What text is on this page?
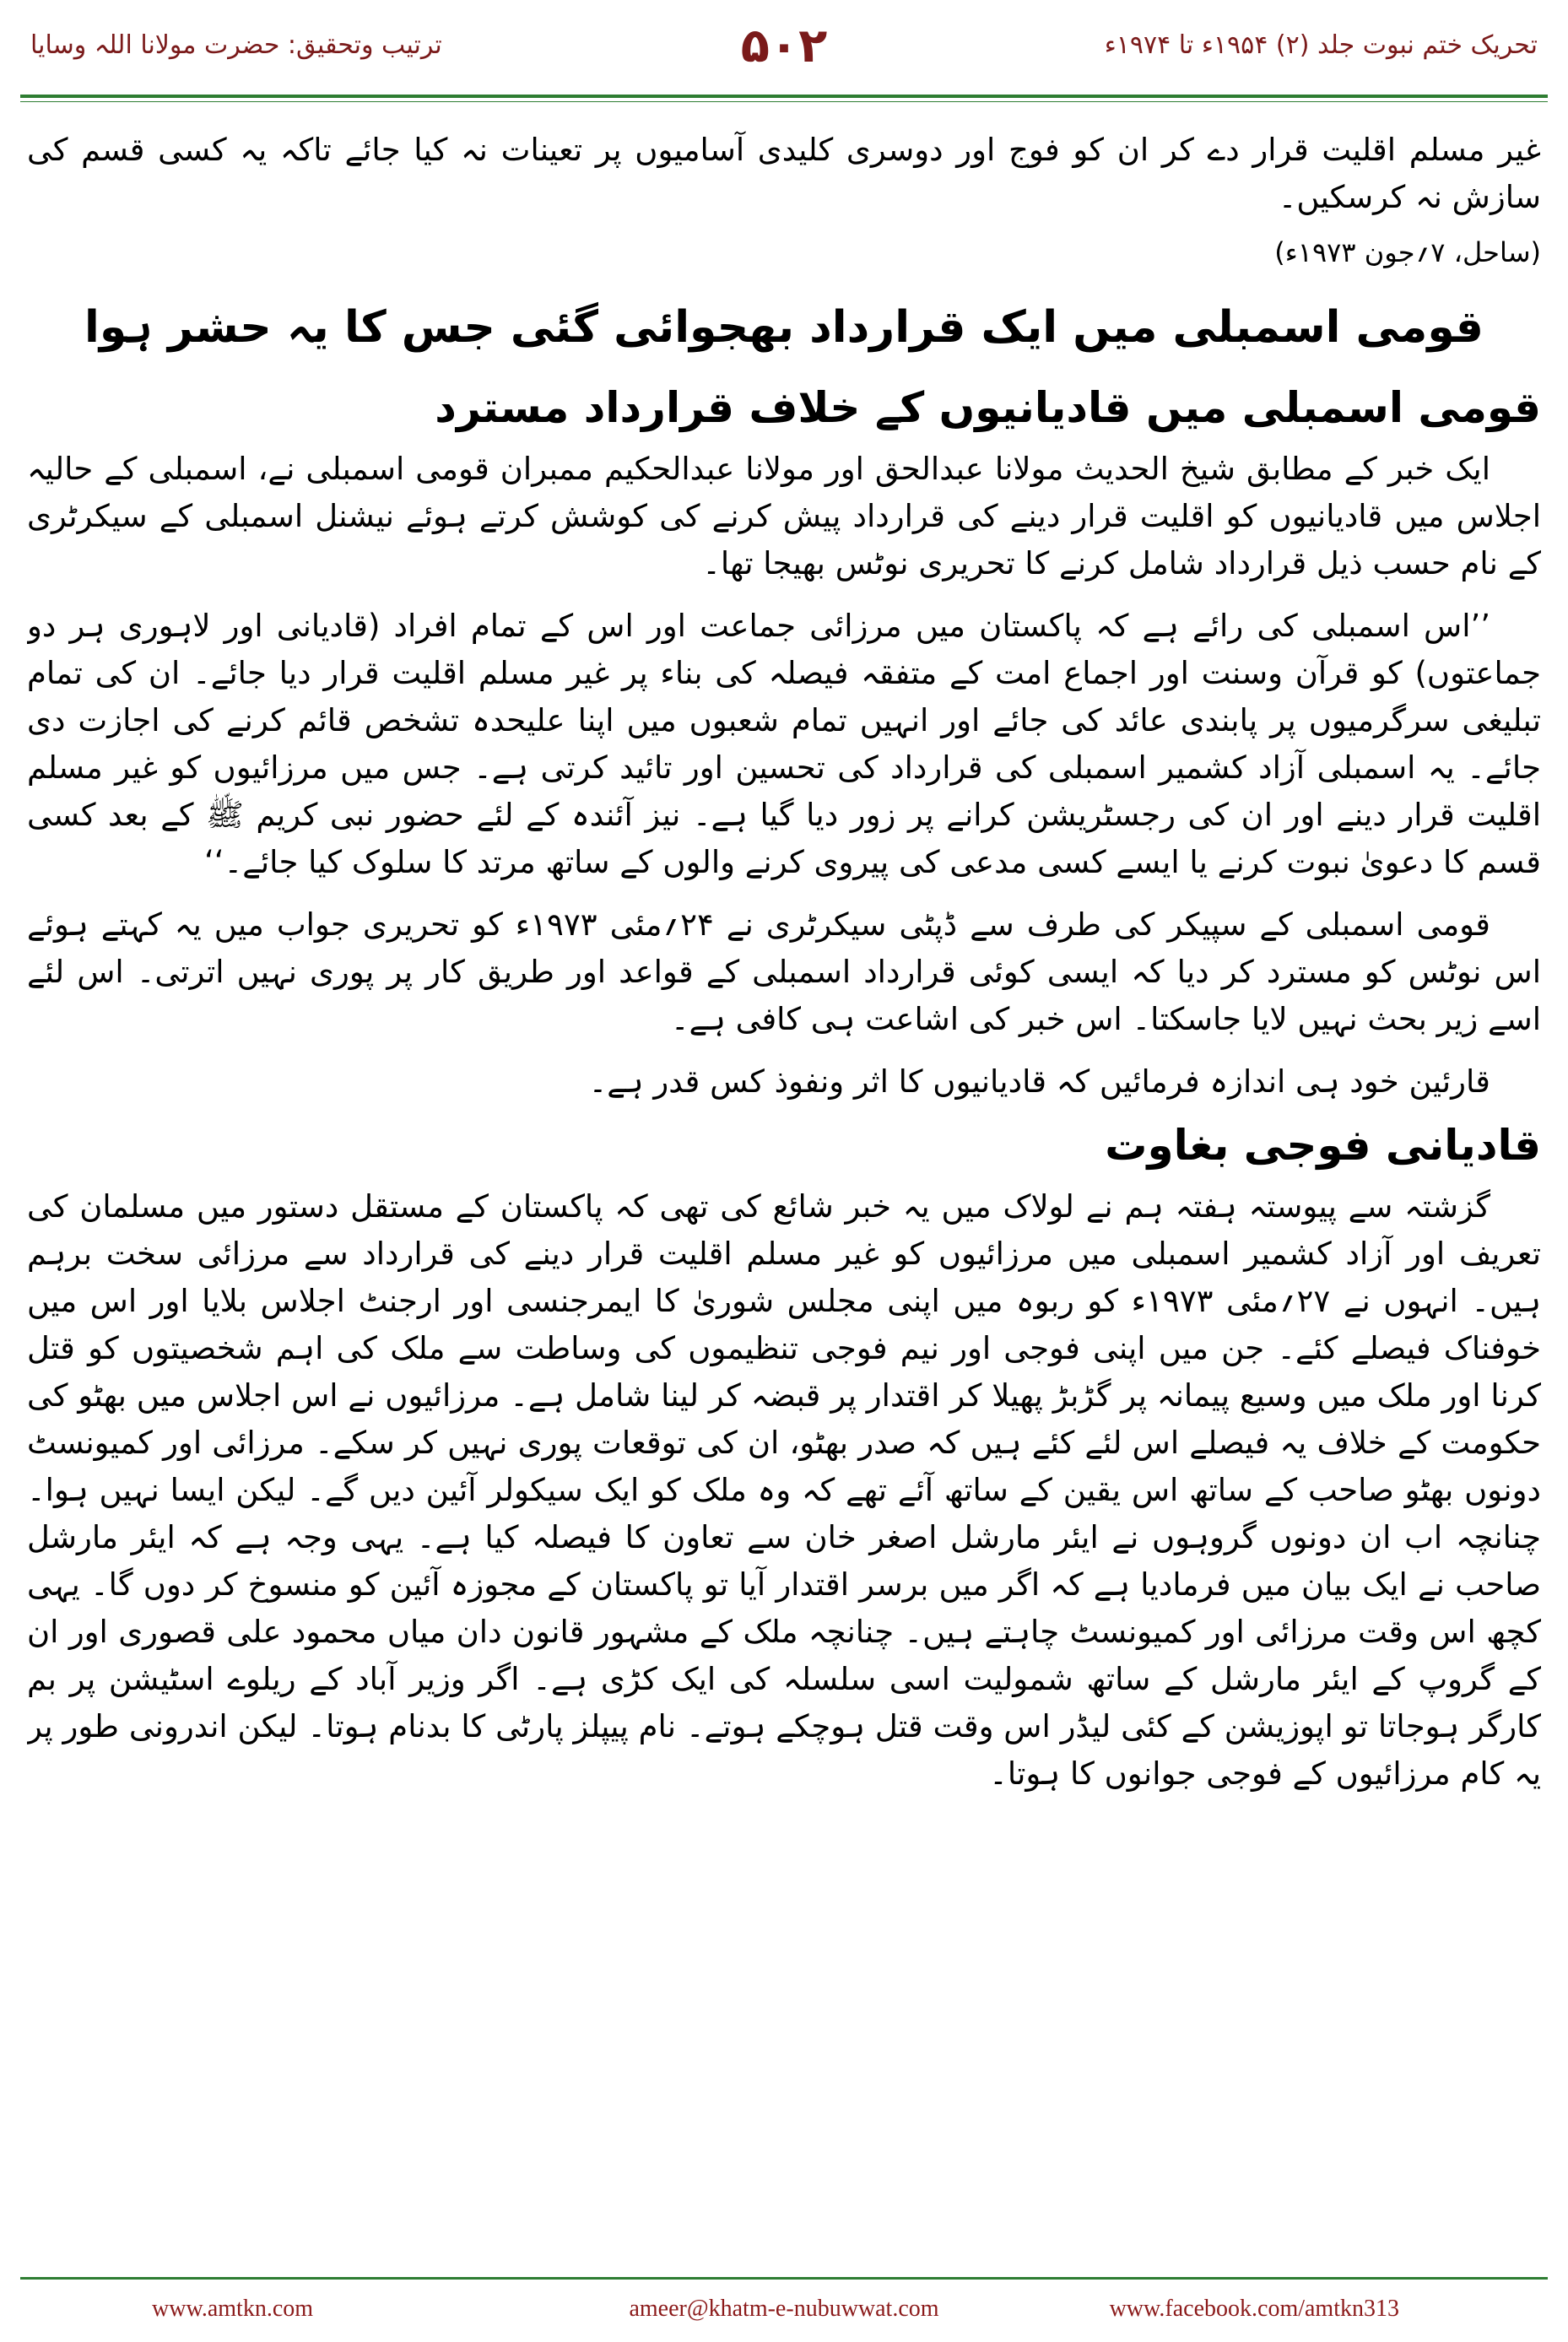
تحریک ختم نبوت جلد (۲) ۱۹۵۴ء تا ۱۹۷۴ء
۵۰۲
ترتیب وتحقیق: حضرت مولانا اللہ وسایا

غیر مسلم اقلیت قرار دے کر ان کو فوج اور دوسری کلیدی آسامیوں پر تعینات نہ کیا جائے تاکہ یہ کسی قسم کی سازش نہ کرسکیں۔

(ساحل، ۷؍جون ۱۹۷۳ء)

قومی اسمبلی میں ایک قرارداد بھجوائی گئی جس کا یہ حشر ہوا
قومی اسمبلی میں قادیانیوں کے خلاف قرارداد مسترد

ایک خبر کے مطابق شیخ الحدیث مولانا عبدالحق اور مولانا عبدالحکیم ممبران قومی اسمبلی نے، اسمبلی کے حالیہ اجلاس میں قادیانیوں کو اقلیت قرار دینے کی قرارداد پیش کرنے کی کوشش کرتے ہوئے نیشنل اسمبلی کے سیکرٹری کے نام حسب ذیل قرارداد شامل کرنے کا تحریری نوٹس بھیجا تھا۔

’’اس اسمبلی کی رائے ہے کہ پاکستان میں مرزائی جماعت اور اس کے تمام افراد (قادیانی اور لاہوری ہر دو جماعتوں) کو قرآن وسنت اور اجماع امت کے متفقہ فیصلہ کی بناء پر غیر مسلم اقلیت قرار دیا جائے۔ ان کی تمام تبلیغی سرگرمیوں پر پابندی عائد کی جائے اور انہیں تمام شعبوں میں اپنا علیحدہ تشخص قائم کرنے کی اجازت دی جائے۔ یہ اسمبلی آزاد کشمیر اسمبلی کی قرارداد کی تحسین اور تائید کرتی ہے۔ جس میں مرزائیوں کو غیر مسلم اقلیت قرار دینے اور ان کی رجسٹریشن کرانے پر زور دیا گیا ہے۔ نیز آئندہ کے لئے حضور نبی کریم ﷺ کے بعد کسی قسم کا دعویٰ نبوت کرنے یا ایسے کسی مدعی کی پیروی کرنے والوں کے ساتھ مرتد کا سلوک کیا جائے۔‘‘

قومی اسمبلی کے سپیکر کی طرف سے ڈپٹی سیکرٹری نے ۲۴؍مئی ۱۹۷۳ء کو تحریری جواب میں یہ کہتے ہوئے اس نوٹس کو مسترد کر دیا کہ ایسی کوئی قرارداد اسمبلی کے قواعد اور طریق کار پر پوری نہیں اترتی۔ اس لئے اسے زیر بحث نہیں لایا جاسکتا۔ اس خبر کی اشاعت ہی کافی ہے۔

قارئین خود ہی اندازہ فرمائیں کہ قادیانیوں کا اثر ونفوذ کس قدر ہے۔

قادیانی فوجی بغاوت

گزشتہ سے پیوستہ ہفتہ ہم نے لولاک میں یہ خبر شائع کی تھی کہ پاکستان کے مستقل دستور میں مسلمان کی تعریف اور آزاد کشمیر اسمبلی میں مرزائیوں کو غیر مسلم اقلیت قرار دینے کی قرارداد سے مرزائی سخت برہم ہیں۔ انہوں نے ۲۷؍مئی ۱۹۷۳ء کو ربوہ میں اپنی مجلس شوریٰ کا ایمرجنسی اور ارجنٹ اجلاس بلایا اور اس میں خوفناک فیصلے کئے۔ جن میں اپنی فوجی اور نیم فوجی تنظیموں کی وساطت سے ملک کی اہم شخصیتوں کو قتل کرنا اور ملک میں وسیع پیمانہ پر گڑبڑ پھیلا کر اقتدار پر قبضہ کر لینا شامل ہے۔ مرزائیوں نے اس اجلاس میں بھٹو کی حکومت کے خلاف یہ فیصلے اس لئے کئے ہیں کہ صدر بھٹو، ان کی توقعات پوری نہیں کر سکے۔ مرزائی اور کمیونسٹ دونوں بھٹو صاحب کے ساتھ اس یقین کے ساتھ آئے تھے کہ وہ ملک کو ایک سیکولر آئین دیں گے۔ لیکن ایسا نہیں ہوا۔ چنانچہ اب ان دونوں گروہوں نے ایئر مارشل اصغر خان سے تعاون کا فیصلہ کیا ہے۔ یہی وجہ ہے کہ ایئر مارشل صاحب نے ایک بیان میں فرمادیا ہے کہ اگر میں برسر اقتدار آیا تو پاکستان کے مجوزہ آئین کو منسوخ کر دوں گا۔ یہی کچھ اس وقت مرزائی اور کمیونسٹ چاہتے ہیں۔ چنانچہ ملک کے مشہور قانون دان میاں محمود علی قصوری اور ان کے گروپ کے ایئر مارشل کے ساتھ شمولیت اسی سلسلہ کی ایک کڑی ہے۔ اگر وزیر آباد کے ریلوے اسٹیشن پر بم کارگر ہوجاتا تو اپوزیشن کے کئی لیڈر اس وقت قتل ہوچکے ہوتے۔ نام پیپلز پارٹی کا بدنام ہوتا۔ لیکن اندرونی طور پر یہ کام مرزائیوں کے فوجی جوانوں کا ہوتا۔

www.amtkn.com	ameer@khatm-e-nubuwwat.com	www.facebook.com/amtkn313
